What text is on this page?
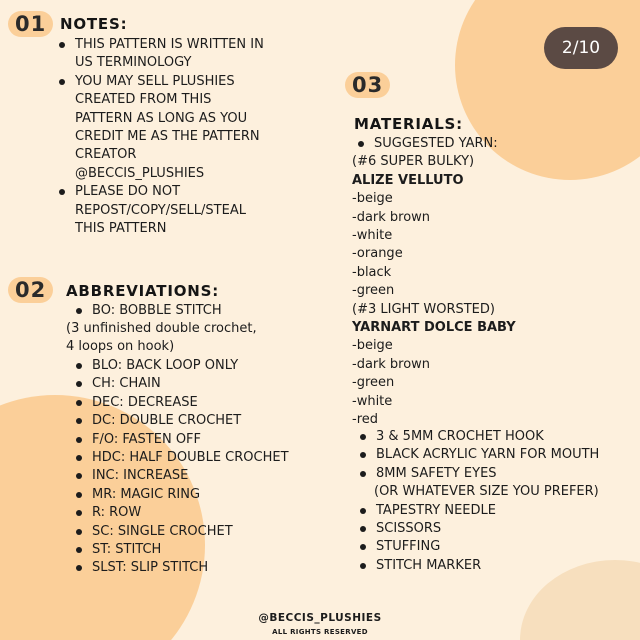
01 NOTES:
THIS PATTERN IS WRITTEN IN
US TERMINOLOGY
YOU MAY SELL PLUSHIES
CREATED FROM THIS
PATTERN AS LONG AS YOU
CREDIT ME AS THE PATTERN
CREATOR
@BECCIS_PLUSHIES
PLEASE DO NOT
REPOST/COPY/SELL/STEAL
THIS PATTERN
02	ABBREVIATIONS:
BO: BOBBLE STITCH
(3 unfinished double crochet,
4 loops on hook)
BLO: BACK LOOP ONLY
CH: CHAIN
DEC: DECREASE
DC: DOUBLE CROCHET
F/O: FASTEN OFF
HDC: HALF DOUBLE CROCHET
INC: INCREASE
MR: MAGIC RING
R: ROW
SC: SINGLE CROCHET
ST: STITCH
SLST: SLIP STITCH
03
MATERIALS:
SUGGESTED YARN:
(#6 SUPER BULKY)
ALIZE VELLUTO
-beige
-dark brown
-white
-orange
-black
-green
(#3 LIGHT WORSTED)
YARNART DOLCE BABY
-beige
-dark brown
-green
-white
-red
3 & 5MM CROCHET HOOK
BLACK ACRYLIC YARN FOR MOUTH
8MM SAFETY EYES
(OR WHATEVER SIZE YOU PREFER)
TAPESTRY NEEDLE
SCISSORS
STUFFING
STITCH MARKER
2/10
@BECCIS_PLUSHIES
ALL RIGHTS RESERVED
